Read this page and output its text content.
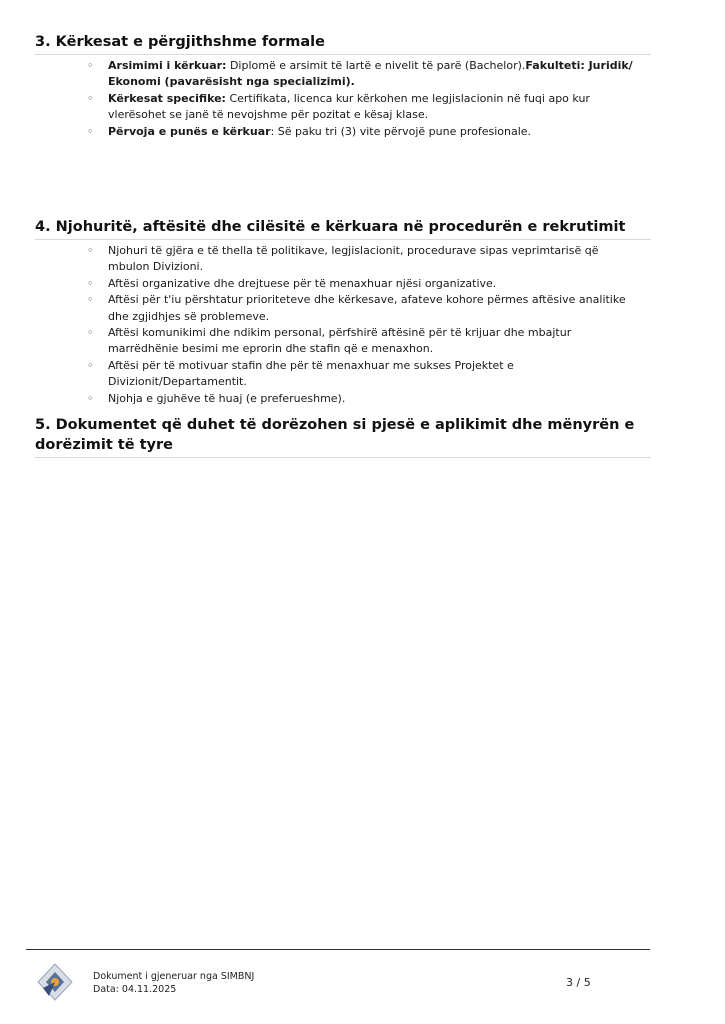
3. Kërkesat e përgjithshme formale
◦ Arsimimi i kërkuar: Diplomë e arsimit të lartë e nivelit të parë (Bachelor).Fakulteti: Juridik/ Ekonomi (pavarësisht nga specializimi).
◦ Kërkesat specifike: Certifikata, licenca kur kërkohen me legjislacionin në fuqi apo kur vlerësohet se janë të nevojshme për pozitat e kësaj klase.
◦ Përvoja e punës e kërkuar: Së paku tri (3) vite përvojë pune profesionale.
4. Njohuritë, aftësitë dhe cilësitë e kërkuara në procedurën e rekrutimit
◦ Njohuri të gjëra e të thella të politikave, legjislacionit, procedurave sipas veprimtarisë që mbulon Divizioni.
◦ Aftësi organizative dhe drejtuese për të menaxhuar njësi organizative.
◦ Aftësi për t'iu përshtatur prioriteteve dhe kërkesave, afateve kohore përmes aftësive analitike dhe zgjidhjes së problemeve.
◦ Aftësi komunikimi dhe ndikim personal, përfshirë aftësinë për të krijuar dhe mbajtur marrëdhënie besimi me eprorin dhe stafin që e menaxhon.
◦ Aftësi për të motivuar stafin dhe për të menaxhuar me sukses Projektet e Divizionit/Departamentit.
◦ Njohja e gjuhëve të huaj (e preferueshme).
5. Dokumentet që duhet të dorëzohen si pjesë e aplikimit dhe mënyrën e dorëzimit të tyre
Dokument i gjeneruar nga SIMBNJ
Data: 04.11.2025
3 / 5
